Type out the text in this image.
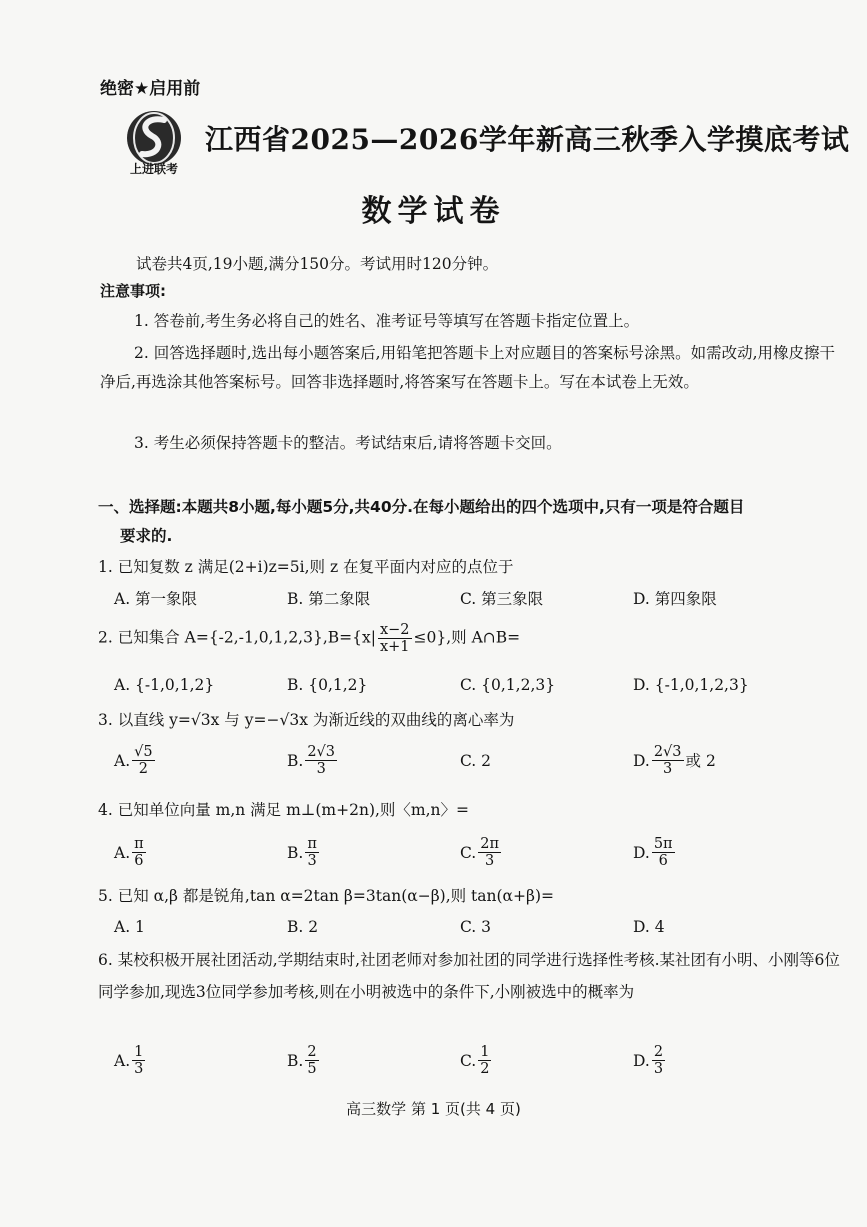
绝密★启用前
上进联考
江西省2025—2026学年新高三秋季入学摸底考试
数学试卷
试卷共4页,19小题,满分150分。考试用时120分钟。
注意事项:
1. 答卷前,考生务必将自己的姓名、准考证号等填写在答题卡指定位置上。
2. 回答选择题时,选出每小题答案后,用铅笔把答题卡上对应题目的答案标号涂黑。如需改动,用橡皮擦干净后,再选涂其他答案标号。回答非选择题时,将答案写在答题卡上。写在本试卷上无效。
3. 考生必须保持答题卡的整洁。考试结束后,请将答题卡交回。
一、选择题:本题共8小题,每小题5分,共40分.在每小题给出的四个选项中,只有一项是符合题目
要求的.
1. 已知复数 z 满足(2+i)z=5i,则 z 在复平面内对应的点位于
A. 第一象限	B. 第二象限	C. 第三象限	D. 第四象限
2. 已知集合 $A=\{-2,-1,0,1,2,3\},B=\{x| \frac{x-2}{x+1} \le 0\}$,则 A∩B=
A. {-1,0,1,2}	B. {0,1,2}	C. {0,1,2,3}	D. {-1,0,1,2,3}
3. 以直线 y=√3x 与 y=−√3x 为渐近线的双曲线的离心率为
A. $\frac{√5}{2}$	B. $\frac{2√3}{3}$	C.
2	D. $\frac{2√3}{3}$ 或 2
4. 已知单位向量 m,n 满足 m⊥(m+2n),则〈m,n〉=
A. $\frac{\pi}{6}$	B. $\frac{\pi}{3}$	C. $\frac{2\pi}{3}$	D. $\frac{5\pi}{6}$
5. 已知 α,β 都是锐角,tan α=2tan β=3tan(α−β),则 tan(α+β)=
A. 1	B. 2	C. 3	D. 4
6. 某校积极开展社团活动,学期结束时,社团老师对参加社团的同学进行选择性考核.某社团有小明、小刚等6位同学参加,现选3位同学参加考核,则在小明被选中的条件下,小刚被选中的概率为
A. $\frac{1}{3}$	B. $\frac{2}{5}$	C. $\frac{1}{2}$	D. $\frac{2}{3}$
高三数学 第 1 页(共 4 页)
